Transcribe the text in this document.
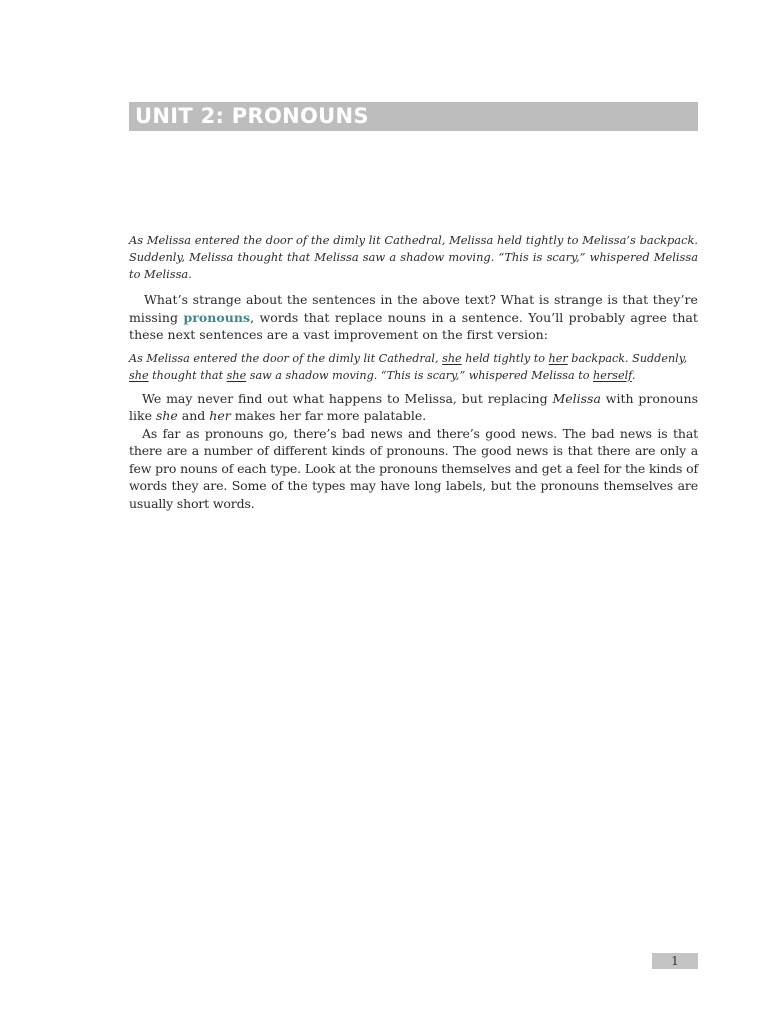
UNIT 2: PRONOUNS

As Melissa entered the door of the dimly lit Cathedral, Melissa held tightly to Melissa’s backpack. Suddenly, Melissa thought that Melissa saw a shadow moving. “This is scary,” whispered Melissa to Melissa.

What’s strange about the sentences in the above text? What is strange is that they’re missing pronouns, words that replace nouns in a sentence. You’ll probably agree that these next sentences are a vast improvement on the first version:

As Melissa entered the door of the dimly lit Cathedral, she held tightly to her backpack. Suddenly,
she thought that she saw a shadow moving. “This is scary,” whispered Melissa to herself.

We may never find out what happens to Melissa, but replacing Melissa with pronouns like she and her makes her far more palatable.

As far as pronouns go, there’s bad news and there’s good news. The bad news is that there are a number of different kinds of pronouns. The good news is that there are only a few pro nouns of each type. Look at the pronouns themselves and get a feel for the kinds of words they are. Some of the types may have long labels, but the pronouns themselves are usually short words.

1
